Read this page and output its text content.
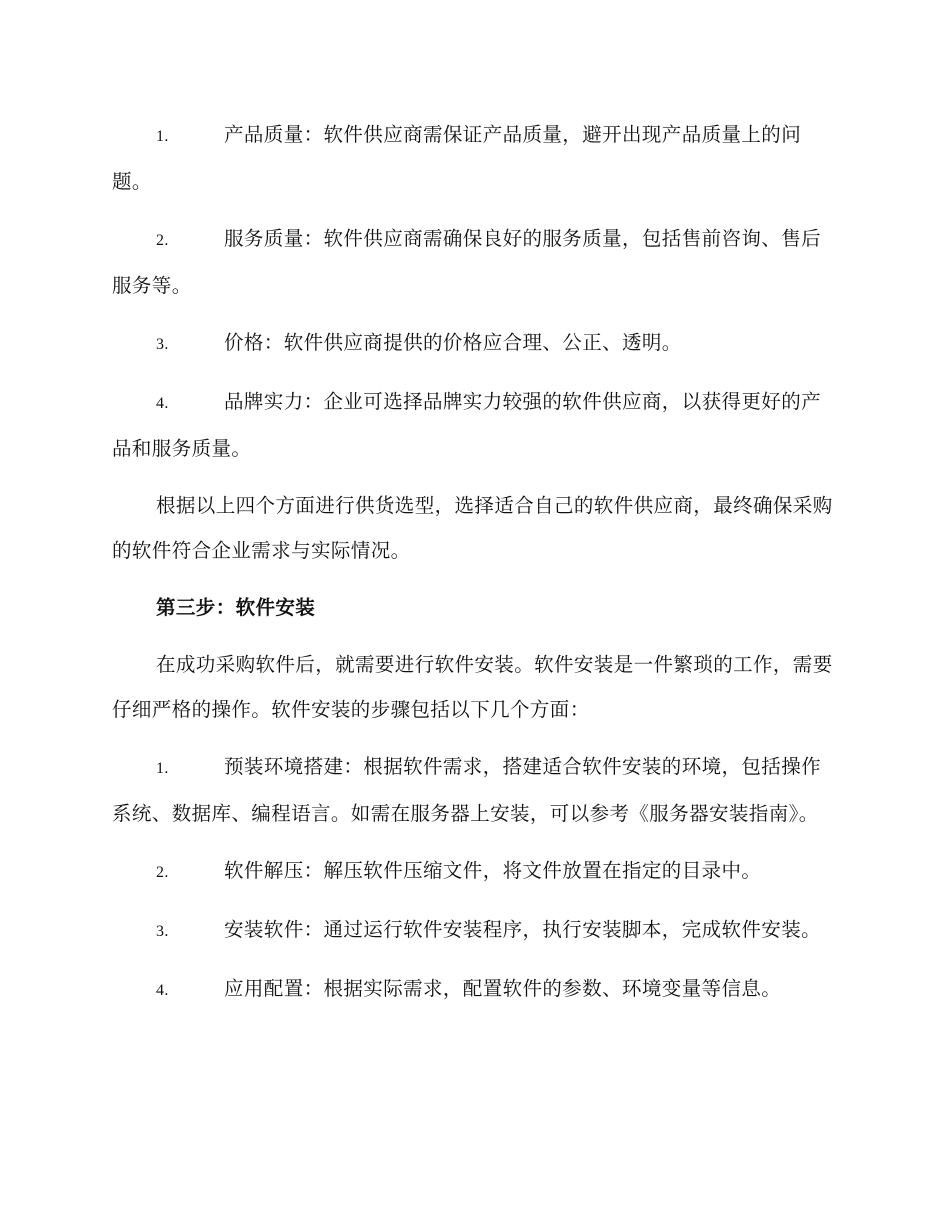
1.	产品质量：软件供应商需保证产品质量，避开出现产品质量上的问题。
2.	服务质量：软件供应商需确保良好的服务质量，包括售前咨询、售后服务等。
3.	价格：软件供应商提供的价格应合理、公正、透明。
4.	品牌实力：企业可选择品牌实力较强的软件供应商，以获得更好的产品和服务质量。

根据以上四个方面进行供货选型，选择适合自己的软件供应商，最终确保采购的软件符合企业需求与实际情况。

第三步：软件安装

在成功采购软件后，就需要进行软件安装。软件安装是一件繁琐的工作，需要仔细严格的操作。软件安装的步骤包括以下几个方面：

1.	预装环境搭建：根据软件需求，搭建适合软件安装的环境，包括操作系统、数据库、编程语言。如需在服务器上安装，可以参考《服务器安装指南》。
2.	软件解压：解压软件压缩文件，将文件放置在指定的目录中。
3.	安装软件：通过运行软件安装程序，执行安装脚本，完成软件安装。
4.	应用配置：根据实际需求，配置软件的参数、环境变量等信息。
